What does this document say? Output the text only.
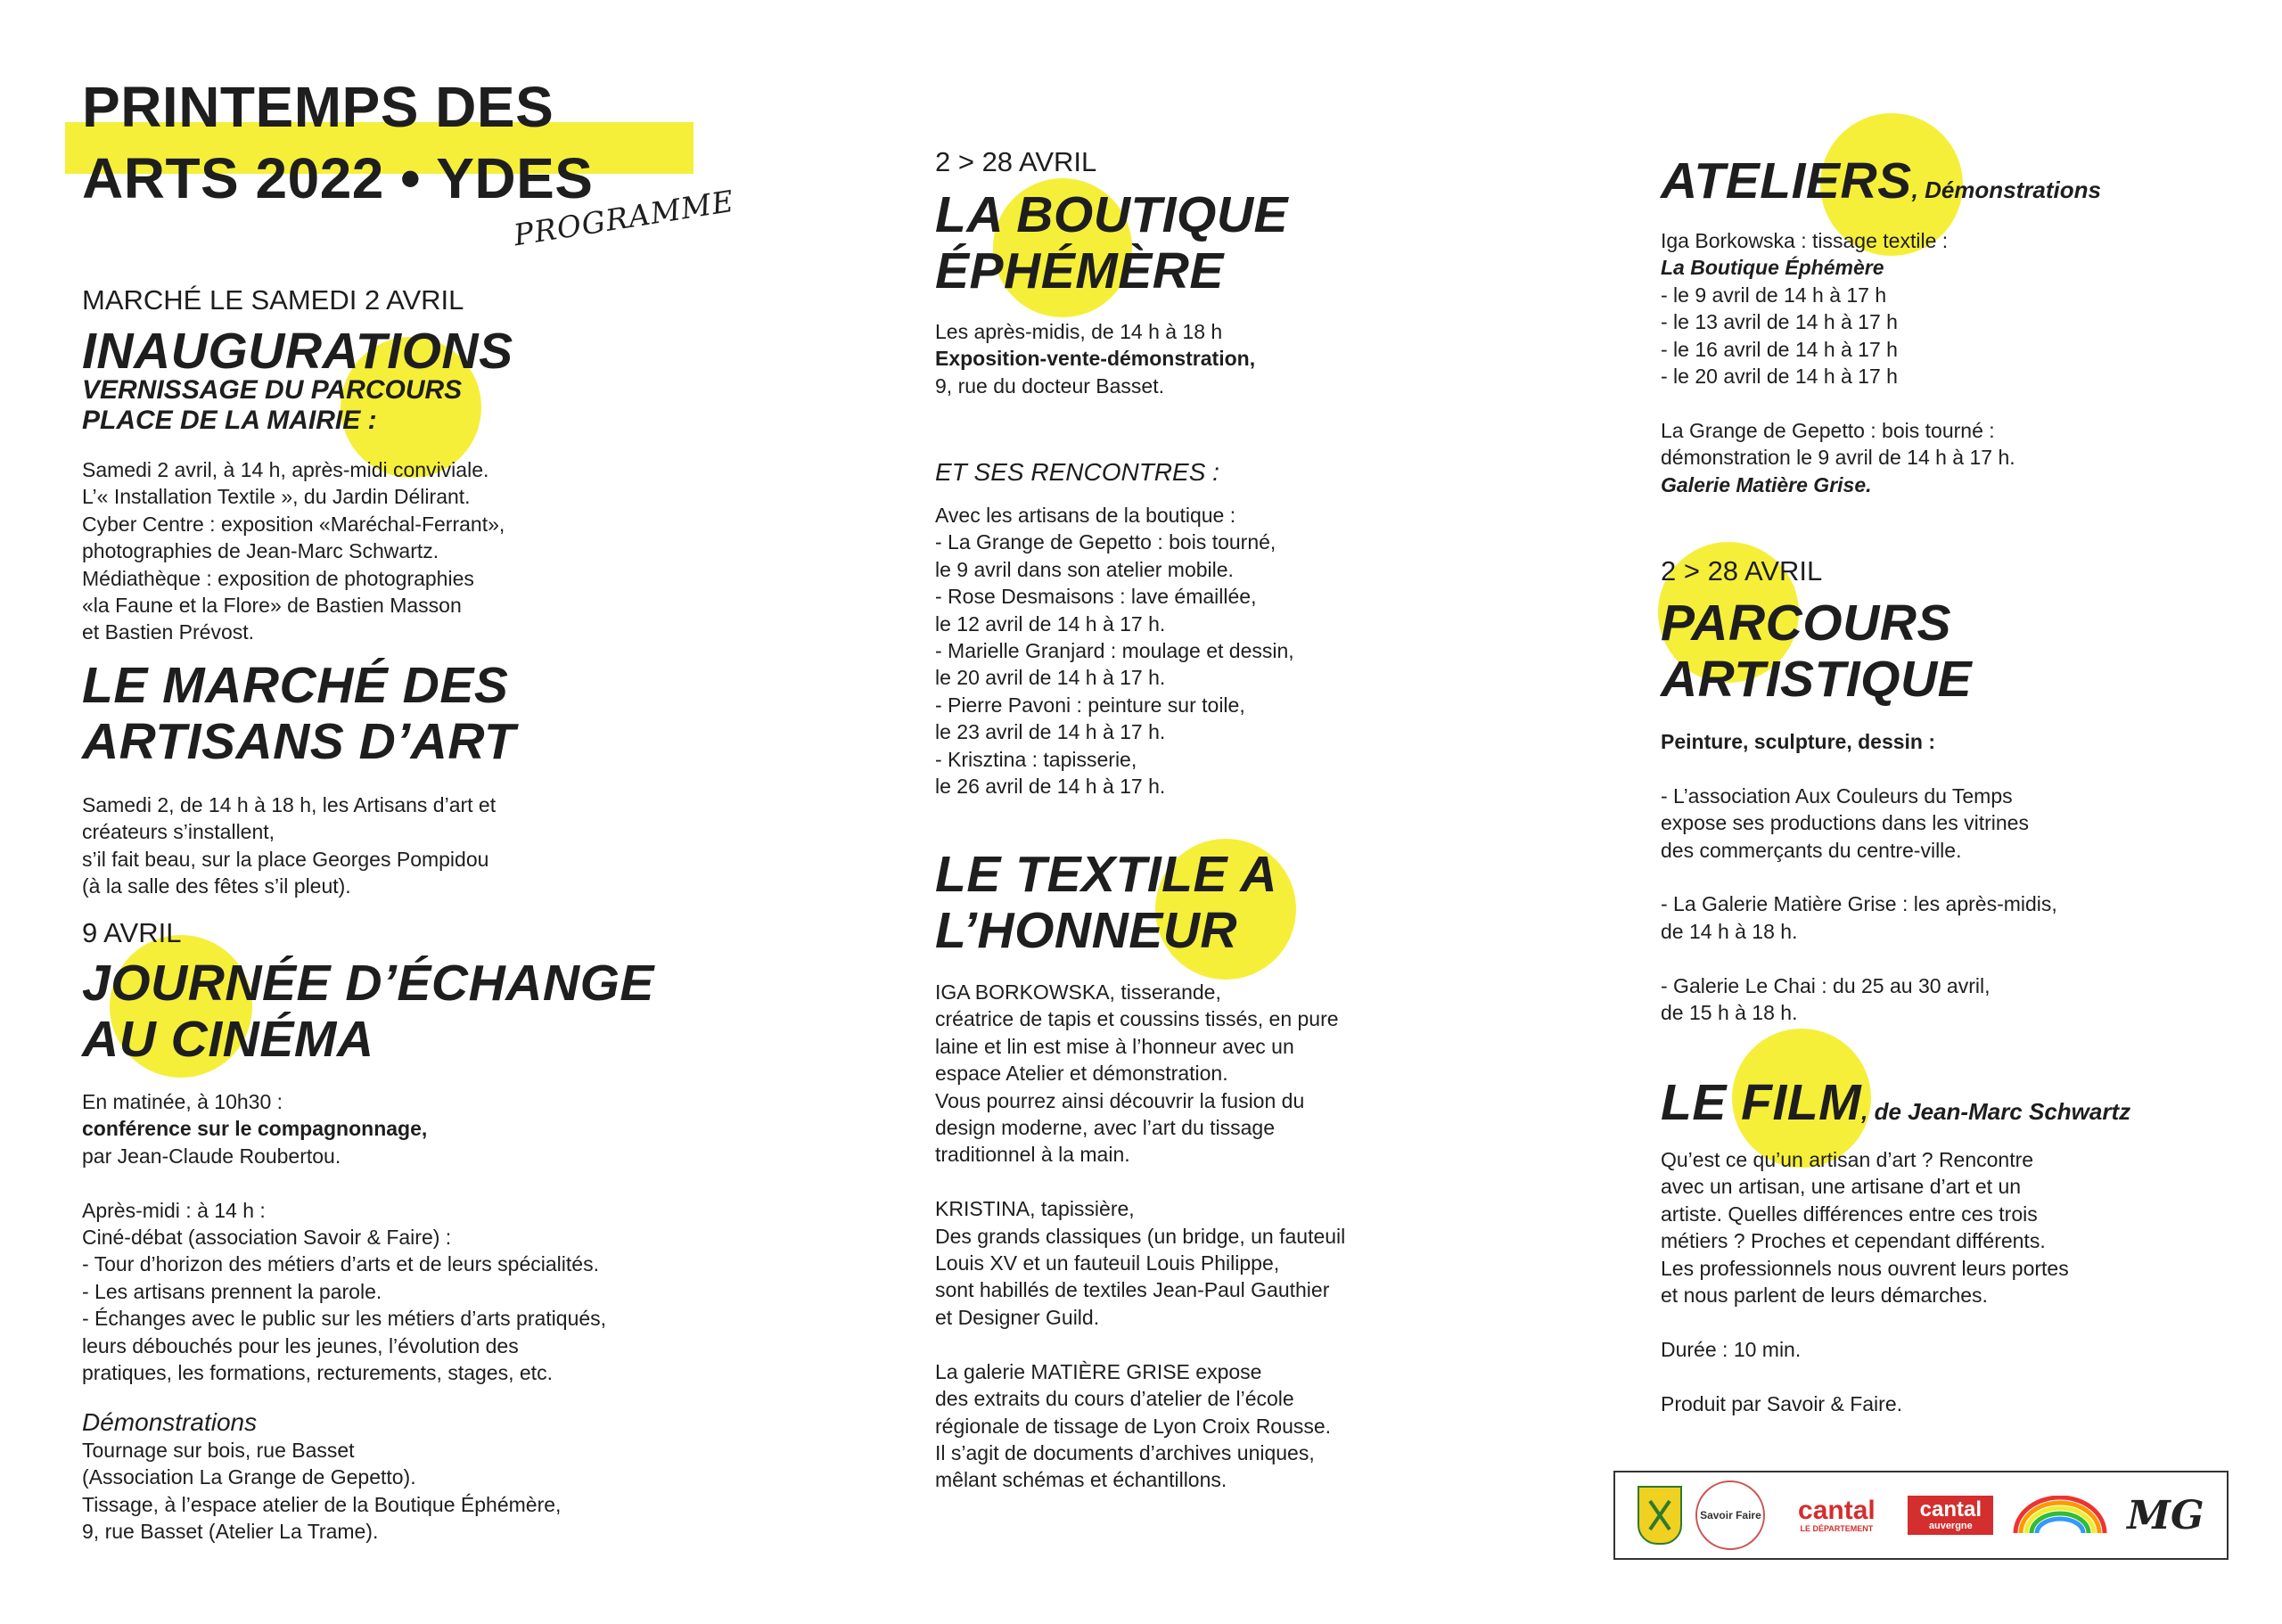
PRINTEMPS DES
ARTS 2022 • YDES
PROGRAMME

MARCHÉ LE SAMEDI 2 AVRIL

INAUGURATIONS

VERNISSAGE DU PARCOURS

PLACE DE LA MAIRIE :

Samedi 2 avril, à 14 h, après-midi conviviale.

L’« Installation Textile », du Jardin Délirant.

Cyber Centre : exposition «Maréchal-Ferrant»,

photographies de Jean-Marc Schwartz.

Médiathèque : exposition de photographies

«la Faune et la Flore» de Bastien Masson

et Bastien Prévost.

LE MARCHÉ DES
ARTISANS D’ART

Samedi 2, de 14 h à 18 h, les Artisans d’art et

créateurs s’installent,

s’il fait beau, sur la place Georges Pompidou

(à la salle des fêtes s’il pleut).

9 AVRIL

JOURNÉE D’ÉCHANGE
AU CINÉMA

En matinée, à 10h30 :

conférence sur le compagnonnage,

par Jean-Claude Roubertou.

Après-midi : à 14 h :

Ciné-débat (association Savoir & Faire) :

- Tour d’horizon des métiers d’arts et de leurs spécialités.

- Les artisans prennent la parole.

- Échanges avec le public sur les métiers d’arts pratiqués,

leurs débouchés pour les jeunes, l’évolution des

pratiques, les formations, recturements, stages, etc.

Démonstrations

Tournage sur bois, rue Basset

(Association La Grange de Gepetto).

Tissage, à l’espace atelier de la Boutique Éphémère,

9, rue Basset (Atelier La Trame).

2 > 28 AVRIL

LA BOUTIQUE
ÉPHÉMÈRE

Les après-midis, de 14 h à 18 h

Exposition-vente-démonstration,

9, rue du docteur Basset.

ET SES RENCONTRES :

Avec les artisans de la boutique :

- La Grange de Gepetto : bois tourné,

le 9 avril dans son atelier mobile.

- Rose Desmaisons : lave émaillée,

le 12 avril de 14 h à 17 h.

- Marielle Granjard : moulage et dessin,

le 20 avril de 14 h à 17 h.

- Pierre Pavoni : peinture sur toile,

le 23 avril de 14 h à 17 h.

- Krisztina : tapisserie,

le 26 avril de 14 h à 17 h.

LE TEXTILE A
L’HONNEUR

IGA BORKOWSKA, tisserande,

créatrice de tapis et coussins tissés, en pure

laine et lin est mise à l’honneur avec un

espace Atelier et démonstration.

Vous pourrez ainsi découvrir la fusion du

design moderne, avec l’art du tissage

traditionnel à la main.

KRISTINA, tapissière,

Des grands classiques (un bridge, un fauteuil

Louis XV et un fauteuil Louis Philippe,

sont habillés de textiles Jean-Paul Gauthier

et Designer Guild.

La galerie MATIÈRE GRISE expose

des extraits du cours d’atelier de l’école

régionale de tissage de Lyon Croix Rousse.

Il s’agit de documents d’archives uniques,

mêlant schémas et échantillons.

ATELIERS, Démonstrations

Iga Borkowska : tissage textile :

La Boutique Éphémère

- le 9 avril de 14 h à 17 h

- le 13 avril de 14 h à 17 h

- le 16 avril de 14 h à 17 h

- le 20 avril de 14 h à 17 h

La Grange de Gepetto : bois tourné :

démonstration le 9 avril de 14 h à 17 h.

Galerie Matière Grise.

2 > 28 AVRIL

PARCOURS
ARTISTIQUE

Peinture, sculpture, dessin :

- L’association Aux Couleurs du Temps

expose ses productions dans les vitrines

des commerçants du centre-ville.

- La Galerie Matière Grise : les après-midis,

de 14 h à 18 h.

- Galerie Le Chai : du 25 au 30 avril,

de 15 h à 18 h.

LE FILM, de Jean-Marc Schwartz

Qu’est ce qu’un artisan d’art ? Rencontre

avec un artisan, une artisane d’art et un

artiste. Quelles différences entre ces trois

métiers ? Proches et cependant différents.

Les professionnels nous ouvrent leurs portes

et nous parlent de leurs démarches.

Durée : 10 min.

Produit par Savoir & Faire.

Savoir Faire cantal
LE DÉPARTEMENT
cantal
auvergne	MG
